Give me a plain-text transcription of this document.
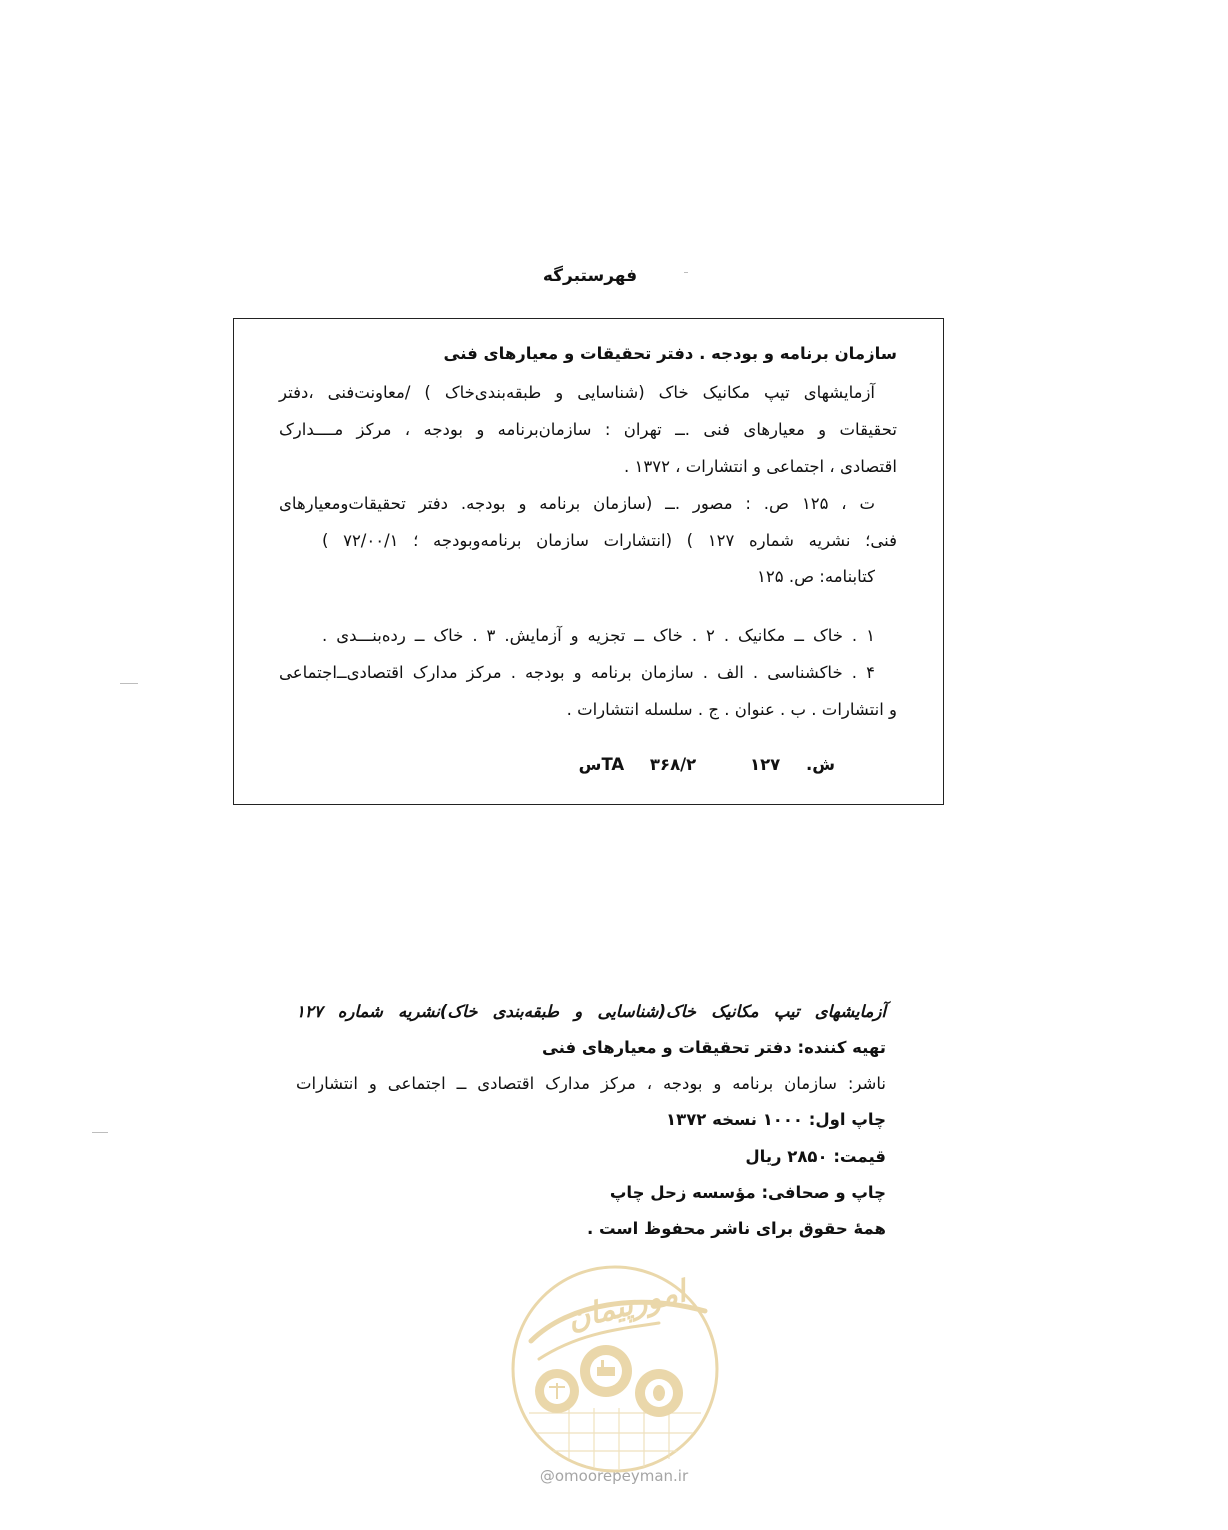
فهرستبرگه
سازمان برنامه و بودجه . دفتر تحقیقات و معیارهای فنی
آزمایشهای تیپ مکانیک خاک (شناسایی و طبقه‌بندی‌خاک ) /معاونت‌فنی ،دفتر
تحقیقات و معیارهای فنی .ــ تهران : سازمان‌برنامه و بودجه ، مرکز مــــدارک
اقتصادی ، اجتماعی و انتشارات ، ۱۳۷۲ .
ت ، ۱۲۵ ص. : مصور .ــ (سازمان برنامه و بودجه. دفتر تحقیقات‌ومعیارهای
فنی؛ نشریه شماره ۱۲۷ ) (انتشارات سازمان برنامه‌وبودجه ؛ ۷۲/۰۰/۱ )
کتابنامه: ص. ۱۲۵
۱ . خاک ــ مکانیک . ۲ . خاک ــ تجزیه و آزمایش. ۳ . خاک ــ ردەبنـــدی .
۴ . خاکشناسی . الف . سازمان برنامه و بودجه . مرکز مدارک اقتصادی‌ــ‌اجتماعی
و انتشارات . ب . عنوان . ج . سلسله انتشارات .
ش. ۱۲۷ TA ۳۶۸/۲س
آزمایشهای تیپ مکانیک خاک(شناسایی و طبقه‌بندی خاک)نشریه شماره ۱۲۷
تهیه کننده: دفتر تحقیقات و معیارهای فنی
ناشر: سازمان برنامه و بودجه ، مرکز مدارک اقتصادی ــ اجتماعی و انتشارات
چاپ اول: ۱۰۰۰ نسخه ۱۳۷۲
قیمت: ۲۸۵۰ ریال
چاپ و صحافی: مؤسسه زحل چاپ
همهٔ حقوق برای ناشر محفوظ است .
امورپیمان
@omoorepeyman.ir
